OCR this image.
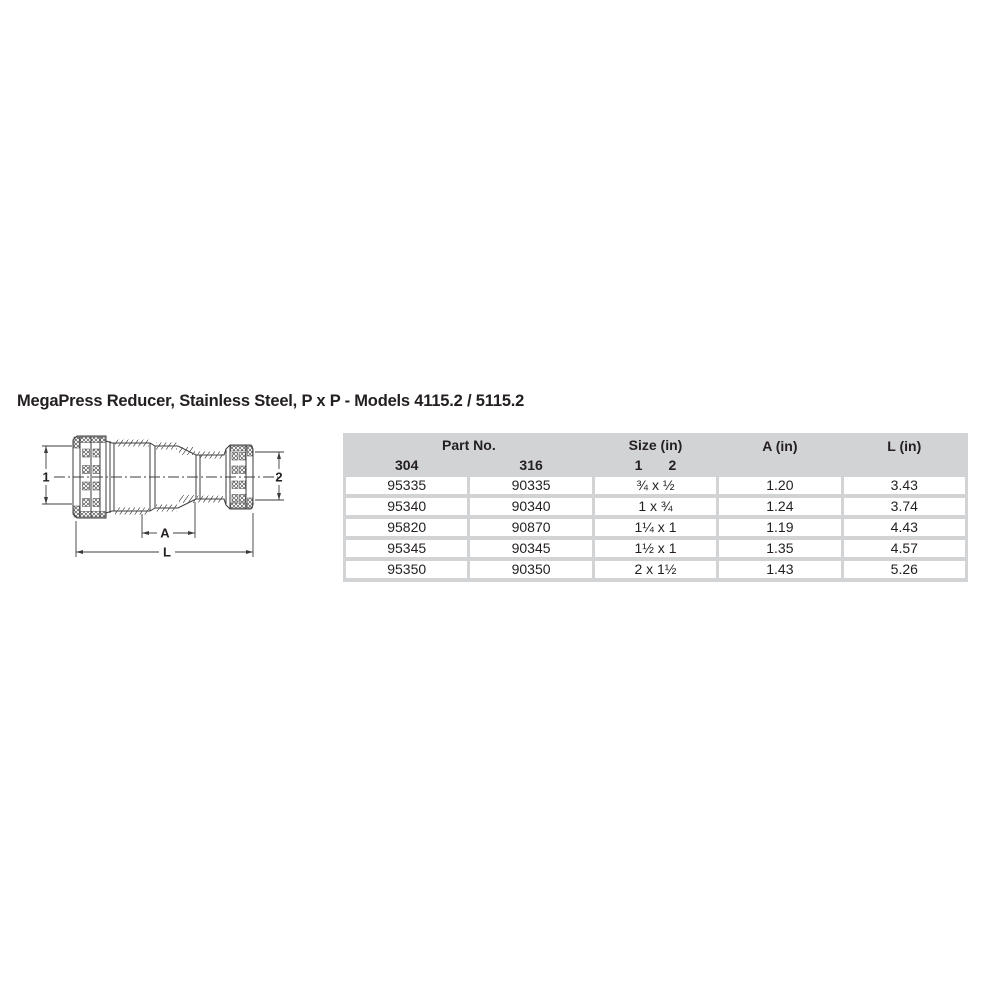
MegaPress Reducer, Stainless Steel, P x P - Models 4115.2 / 5115.2
1	2
A
L
Part No.		Size (in)	A (in)	L (in)
304	316	1 2		
95335	90335	¾ x ½	1.20	3.43
95340	90340	1 x ¾	1.24	3.74
95820	90870	1¼ x 1	1.19	4.43
95345	90345	1½ x 1	1.35	4.57
95350	90350	2 x 1½	1.43	5.26
